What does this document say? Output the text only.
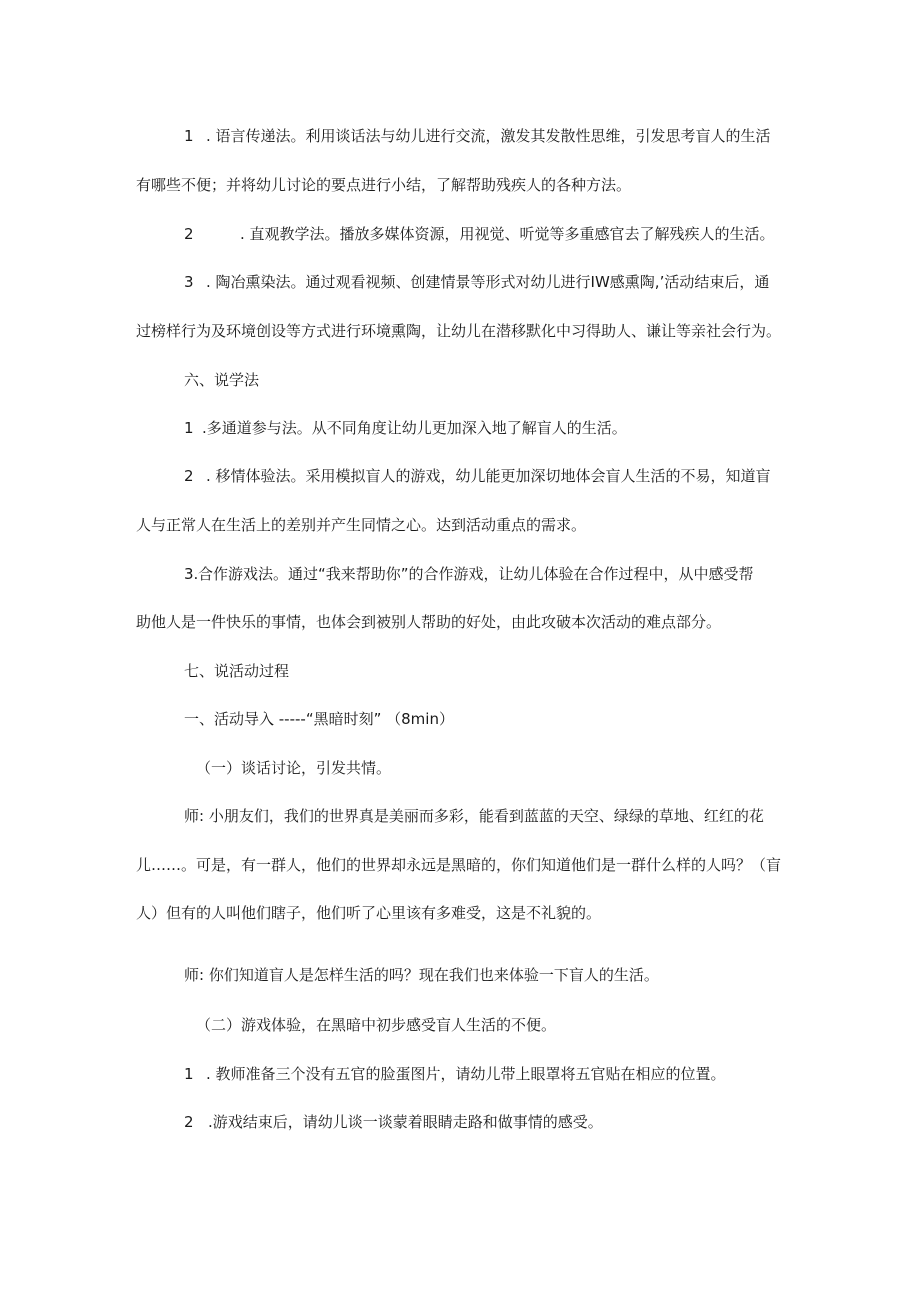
1 . 语言传递法。利用谈话法与幼儿进行交流，激发其发散性思维，引发思考盲人的生活

有哪些不便；并将幼儿讨论的要点进行小结，了解帮助残疾人的各种方法。

2	. 直观教学法。播放多媒体资源，用视觉、听觉等多重感官去了解残疾人的生活。

3 . 陶冶熏染法。通过观看视频、创建情景等形式对幼儿进行IW感熏陶,’活动结束后，通

过榜样行为及环境创设等方式进行环境熏陶，让幼儿在潜移默化中习得助人、谦让等亲社会行为。

六、说学法

1 .多通道参与法。从不同角度让幼儿更加深入地了解盲人的生活。

2 . 移情体验法。采用模拟盲人的游戏，幼儿能更加深切地体会盲人生活的不易，知道盲

人与正常人在生活上的差别并产生同情之心。达到活动重点的需求。

3.合作游戏法。通过“我来帮助你”的合作游戏，让幼儿体验在合作过程中，从中感受帮

助他人是一件快乐的事情，也体会到被别人帮助的好处，由此攻破本次活动的难点部分。

七、说活动过程

一、活动导入 -----“黑暗时刻” （8min）

（一）谈话讨论，引发共情。

师: 小朋友们，我们的世界真是美丽而多彩，能看到蓝蓝的天空、绿绿的草地、红红的花

儿……。可是，有一群人，他们的世界却永远是黑暗的，你们知道他们是一群什么样的人吗？（盲

人）但有的人叫他们瞎子，他们听了心里该有多难受，这是不礼貌的。

师: 你们知道盲人是怎样生活的吗？现在我们也来体验一下盲人的生活。

（二）游戏体验，在黑暗中初步感受盲人生活的不便。

1 . 教师准备三个没有五官的脸蛋图片，请幼儿带上眼罩将五官贴在相应的位置。

2 .游戏结束后，请幼儿谈一谈蒙着眼睛走路和做事情的感受。
